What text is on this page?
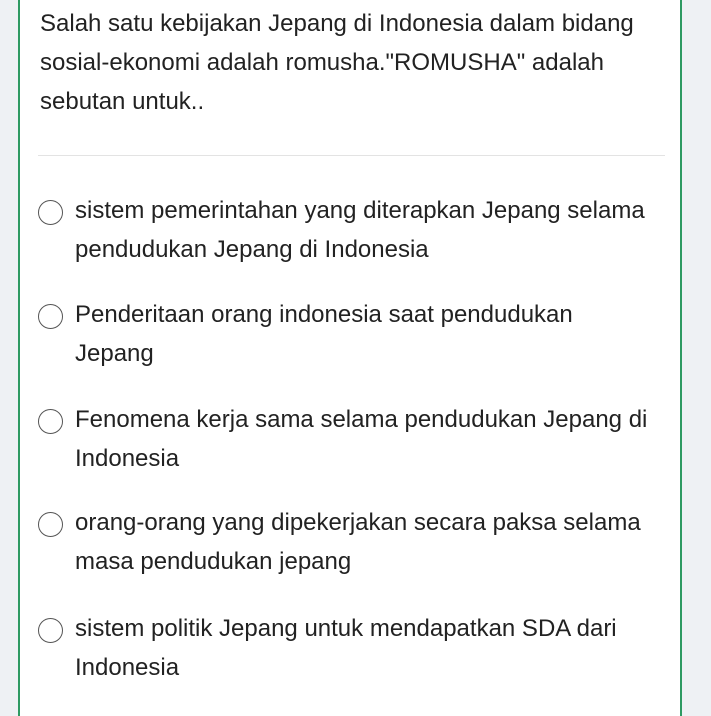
Salah satu kebijakan Jepang di Indonesia dalam bidang sosial-ekonomi adalah romusha."ROMUSHA" adalah sebutan untuk..

sistem pemerintahan yang diterapkan Jepang selama pendudukan Jepang di Indonesia
Penderitaan orang indonesia saat pendudukan Jepang
Fenomena kerja sama selama pendudukan Jepang di Indonesia
orang-orang yang dipekerjakan secara paksa selama masa pendudukan jepang
sistem politik Jepang untuk mendapatkan SDA dari Indonesia
